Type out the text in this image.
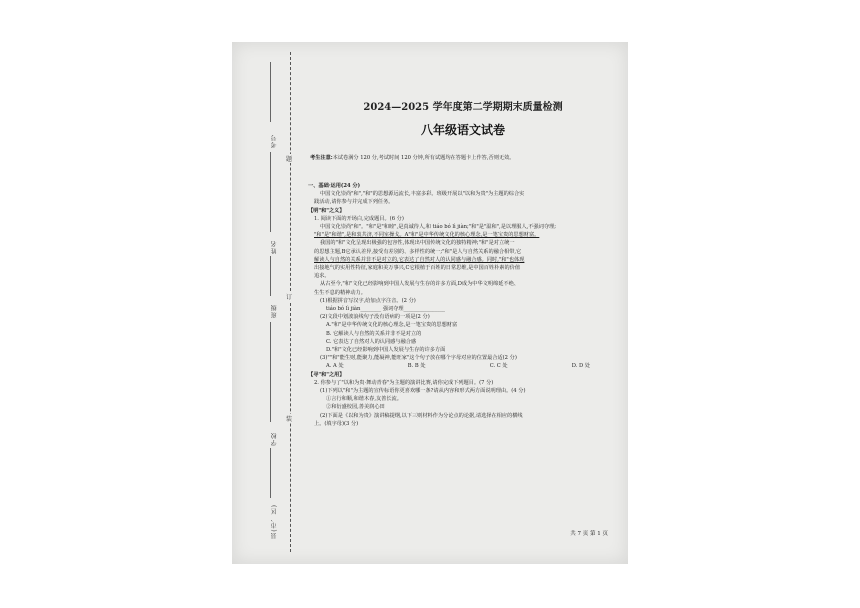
考号
姓名
班级
学校
县(市、区)
题
订
装
2024—2025 学年度第二学期期末质量检测
八年级语文试卷
考生注意:本试卷满分 120 分,考试时间 120 分钟,所有试题均在答题卡上作答,否则无效。
一、基础·运用(24 分)
中国文化崇尚"和","和"的思想源远流长,丰富多彩。班级开展以"以和为贵"为主题的综合实
践活动,请你参与并完成下列任务。
【明"和"之义】
1. 阅读下面的开场白,完成题目。(6 分)
中国文化崇尚"和"。"和"是"和睦",是真诚待人,和 tiáo bó lì jiàn;"和"是"温和",是以理服人,不强词夺理;
"和"是"和谐",是和衷共济,不同室操戈。A"和"是中华传统文化的核心理念,是一笔宝贵的思想财富。
我国的"和"文化呈现出极强的包容性,体现出中国传统文化的独特精神;"和"是对立统一
的思想主题,B它承认差异,接受有差别的、多样性的统一;"和"是人与自然关系的融合相带,它
解读人与自然的关系并非不是对立的,它表达了自然对人的认同感与融合感。同时,"和"也体现
出接地气的实用性特征,家庭和美万事兴,C它根植于百姓的日常思维,是中国百姓朴素的价值
追求。
从古至今,"和"文化已经影响到中国人发展与生存的许多方面,D成为中华文明绵延不绝、
生生不息的精神动力。
(1)根据拼音写汉字,给加点字注音。(2 分)
tiáo bó lì jiàn________ 强词夺理________________
(2)文段中划波浪线句子没有语病的一项是(2 分)
A."和"是中华传统文化的核心理念,是一笔宝贵的思想财富
B. 它解读人与自然的关系并非不是对立的
C. 它表达了自然对人的认同感与融合感
D."和"文化已经影响到中国人发展与生存的许多方面
(3)""和"能生财,能聚力,能凝神,能旺家"这个句子放在哪个字母对应的位置最合适(2 分)
A. A 处	B. B 处	C. C 处	D. D 处
【寻"和"之用】
2. 你参与了"以和为贵·舞动青春"为主题的演讲比赛,请你完成下列题目。(7 分)
(1)下列以"和"为主题的宣传标语你更喜欢哪一条?请从内容和形式两方面说明理由。(4 分)
①言行和顺,和谐木春,友善长流。
②和衍盛校园,善美润心田
(2)下面是《以和为贵》演讲稿提纲,以下三则材料作为分论点的论据,请选择在相应的横线
上。(填字母)(3 分)
共 7 页 第 1 页
